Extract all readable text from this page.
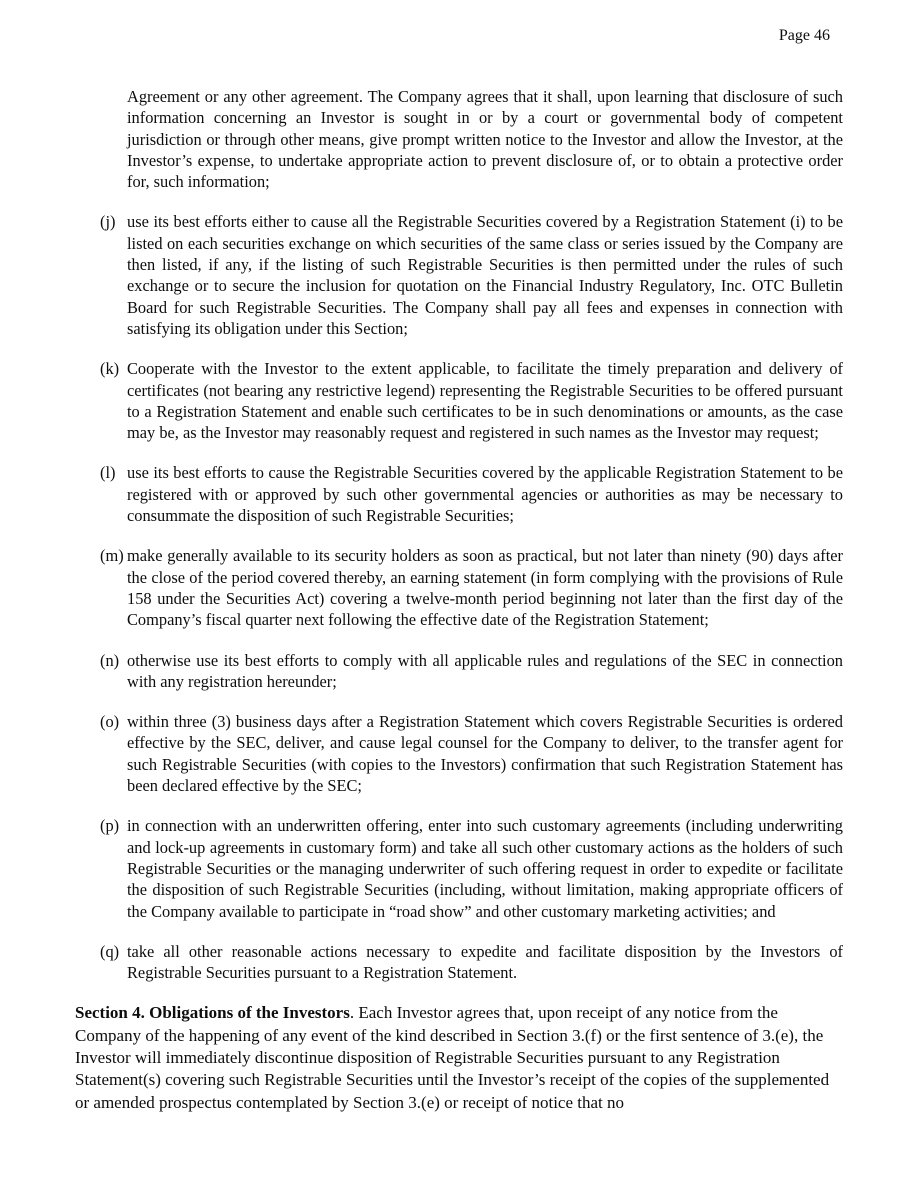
Page 46
Agreement or any other agreement. The Company agrees that it shall, upon learning that disclosure of such information concerning an Investor is sought in or by a court or governmental body of competent jurisdiction or through other means, give prompt written notice to the Investor and allow the Investor, at the Investor’s expense, to undertake appropriate action to prevent disclosure of, or to obtain a protective order for, such information;
(j) use its best efforts either to cause all the Registrable Securities covered by a Registration Statement (i) to be listed on each securities exchange on which securities of the same class or series issued by the Company are then listed, if any, if the listing of such Registrable Securities is then permitted under the rules of such exchange or to secure the inclusion for quotation on the Financial Industry Regulatory, Inc. OTC Bulletin Board for such Registrable Securities. The Company shall pay all fees and expenses in connection with satisfying its obligation under this Section;
(k) Cooperate with the Investor to the extent applicable, to facilitate the timely preparation and delivery of certificates (not bearing any restrictive legend) representing the Registrable Securities to be offered pursuant to a Registration Statement and enable such certificates to be in such denominations or amounts, as the case may be, as the Investor may reasonably request and registered in such names as the Investor may request;
(l) use its best efforts to cause the Registrable Securities covered by the applicable Registration Statement to be registered with or approved by such other governmental agencies or authorities as may be necessary to consummate the disposition of such Registrable Securities;
(m) make generally available to its security holders as soon as practical, but not later than ninety (90) days after the close of the period covered thereby, an earning statement (in form complying with the provisions of Rule 158 under the Securities Act) covering a twelve-month period beginning not later than the first day of the Company’s fiscal quarter next following the effective date of the Registration Statement;
(n) otherwise use its best efforts to comply with all applicable rules and regulations of the SEC in connection with any registration hereunder;
(o) within three (3) business days after a Registration Statement which covers Registrable Securities is ordered effective by the SEC, deliver, and cause legal counsel for the Company to deliver, to the transfer agent for such Registrable Securities (with copies to the Investors) confirmation that such Registration Statement has been declared effective by the SEC;
(p) in connection with an underwritten offering, enter into such customary agreements (including underwriting and lock-up agreements in customary form) and take all such other customary actions as the holders of such Registrable Securities or the managing underwriter of such offering request in order to expedite or facilitate the disposition of such Registrable Securities (including, without limitation, making appropriate officers of the Company available to participate in “road show” and other customary marketing activities; and
(q) take all other reasonable actions necessary to expedite and facilitate disposition by the Investors of Registrable Securities pursuant to a Registration Statement.

Section 4. Obligations of the Investors. Each Investor agrees that, upon receipt of any notice from the Company of the happening of any event of the kind described in Section 3.(f) or the first sentence of 3.(e), the Investor will immediately discontinue disposition of Registrable Securities pursuant to any Registration Statement(s) covering such Registrable Securities until the Investor’s receipt of the copies of the supplemented or amended prospectus contemplated by Section 3.(e) or receipt of notice that no
